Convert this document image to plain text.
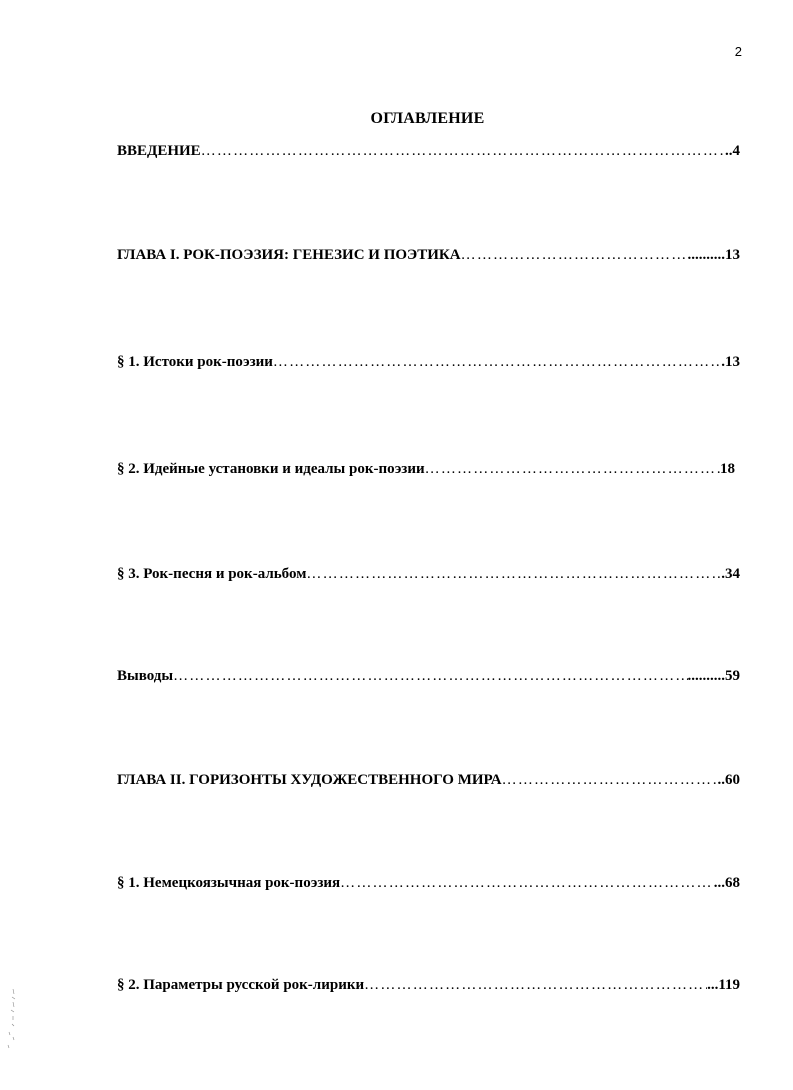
2
ОГЛАВЛЕНИЕ
ВВЕДЕНИЕ ………………………………………………………………………………………………………………………………………………………………………	..4
ГЛАВА I. РОК-ПОЭЗИЯ: ГЕНЕЗИС И ПОЭТИКА ………………………………………………………………………………………………………………………………………………………………………	..........13
§ 1. Истоки рок-поэзии ………………………………………………………………………………………………………………………………………………………………………	.13
§ 2. Идейные установки и идеалы рок-поэзии ………………………………………………………………………………………………………………………………………………………………………	18
§ 3. Рок-песня и рок-альбом ………………………………………………………………………………………………………………………………………………………………………	.34
Выводы ………………………………………………………………………………………………………………………………………………………………………	..........59
ГЛАВА II. ГОРИЗОНТЫ ХУДОЖЕСТВЕННОГО МИРА ………………………………………………………………………………………………………………………………………………………………………	..60
§ 1. Немецкоязычная рок-поэзия ………………………………………………………………………………………………………………………………………………………………………	...68
§ 2. Параметры русской рок-лирики ………………………………………………………………………………………………………………………………………………………………………	...119
